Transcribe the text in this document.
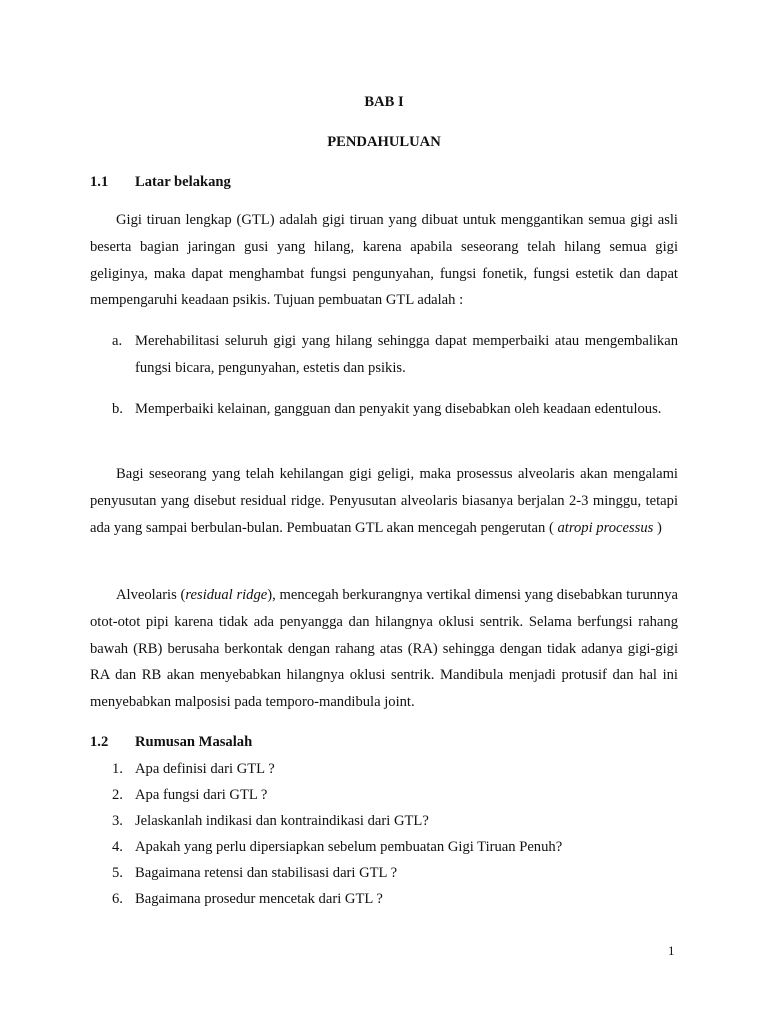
BAB I
PENDAHULUAN
1.1 Latar belakang

Gigi tiruan lengkap (GTL) adalah gigi tiruan yang dibuat untuk menggantikan semua gigi asli beserta bagian jaringan gusi yang hilang, karena apabila seseorang telah hilang semua gigi geliginya, maka dapat menghambat fungsi pengunyahan, fungsi fonetik, fungsi estetik dan dapat mempengaruhi keadaan psikis. Tujuan pembuatan GTL adalah :

a. Merehabilitasi seluruh gigi yang hilang sehingga dapat memperbaiki atau mengembalikan fungsi bicara, pengunyahan, estetis dan psikis.
b. Memperbaiki kelainan, gangguan dan penyakit yang disebabkan oleh keadaan edentulous.

Bagi seseorang yang telah kehilangan gigi geligi, maka prosessus alveolaris akan mengalami penyusutan yang disebut residual ridge. Penyusutan alveolaris biasanya berjalan 2-3 minggu, tetapi ada yang sampai berbulan-bulan. Pembuatan GTL akan mencegah pengerutan ( atropi processus )

Alveolaris (residual ridge), mencegah berkurangnya vertikal dimensi yang disebabkan turunnya otot-otot pipi karena tidak ada penyangga dan hilangnya oklusi sentrik. Selama berfungsi rahang bawah (RB) berusaha berkontak dengan rahang atas (RA) sehingga dengan tidak adanya gigi-gigi RA dan RB akan menyebabkan hilangnya oklusi sentrik. Mandibula menjadi protusif dan hal ini menyebabkan malposisi pada temporo-mandibula joint.

1.2 Rumusan Masalah
1. Apa definisi dari GTL ?
2. Apa fungsi dari GTL ?
3. Jelaskanlah indikasi dan kontraindikasi dari GTL?
4. Apakah yang perlu dipersiapkan sebelum pembuatan Gigi Tiruan Penuh?
5. Bagaimana retensi dan stabilisasi dari GTL ?
6. Bagaimana prosedur mencetak dari GTL ?
1
